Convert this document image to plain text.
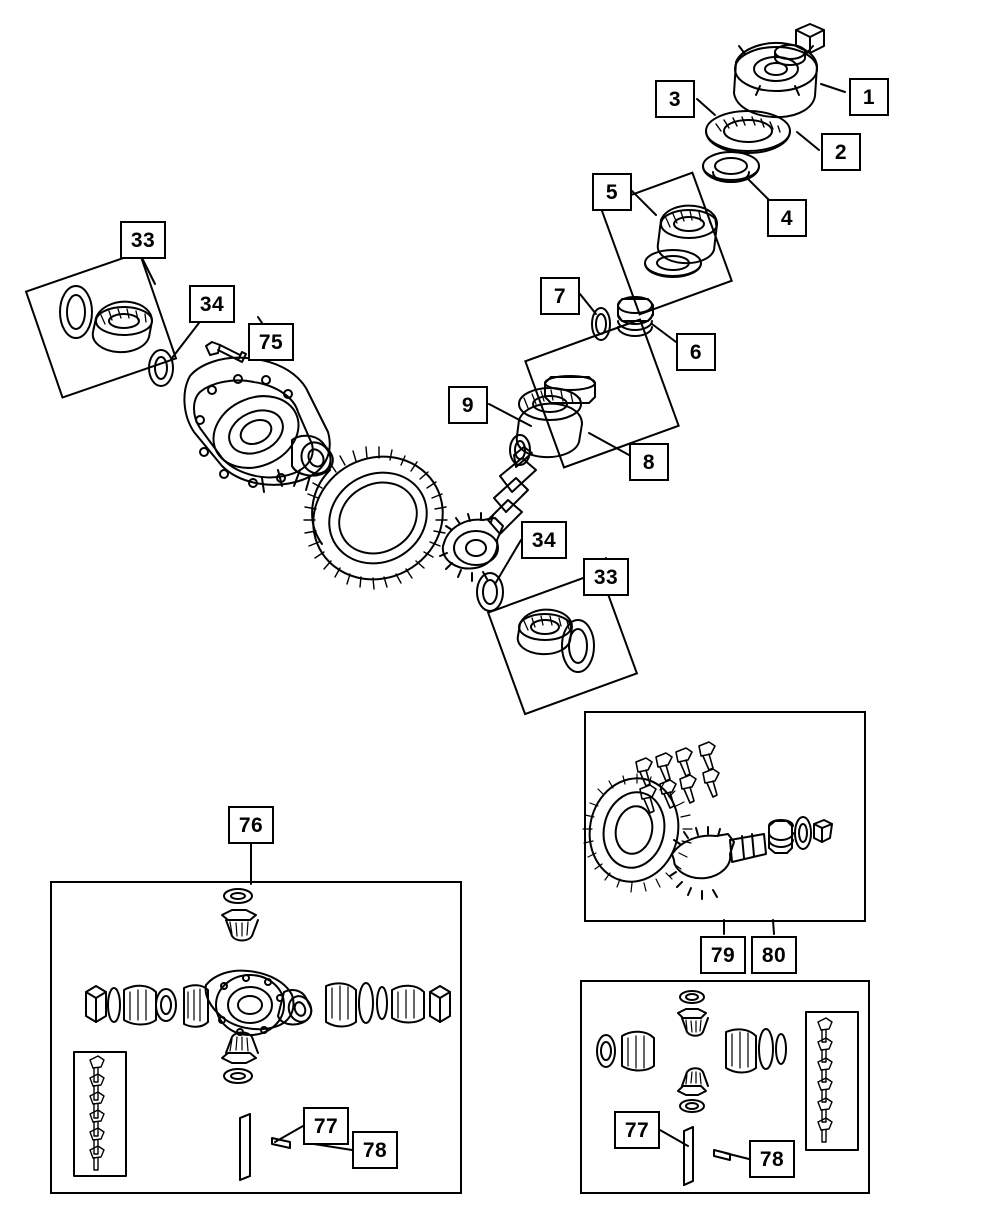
1
3
2
5
4
33
7
34
6
75
9
8
34
33
76
79	80
77
78
77
78
